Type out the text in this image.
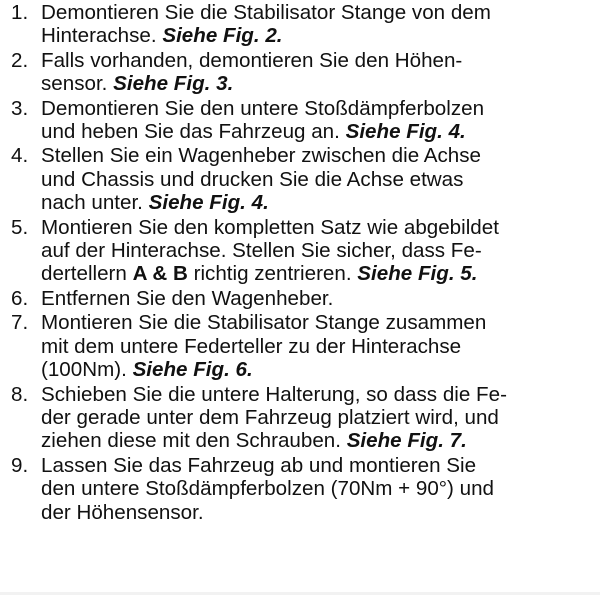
1. Demontieren Sie die Stabilisator Stange von dem
Hinterachse. Siehe Fig. 2.
2. Falls vorhanden, demontieren Sie den Höhen-
sensor. Siehe Fig. 3.
3. Demontieren Sie den untere Stoßdämpferbolzen
und heben Sie das Fahrzeug an. Siehe Fig. 4.
4. Stellen Sie ein Wagenheber zwischen die Achse
und Chassis und drucken Sie die Achse etwas
nach unter. Siehe Fig. 4.
5. Montieren Sie den kompletten Satz wie abgebildet
auf der Hinterachse. Stellen Sie sicher, dass Fe-
dertellern A & B richtig zentrieren. Siehe Fig. 5.
6. Entfernen Sie den Wagenheber.
7. Montieren Sie die Stabilisator Stange zusammen
mit dem untere Federteller zu der Hinterachse
(100Nm). Siehe Fig. 6.
8. Schieben Sie die untere Halterung, so dass die Fe-
der gerade unter dem Fahrzeug platziert wird, und
ziehen diese mit den Schrauben. Siehe Fig. 7.
9. Lassen Sie das Fahrzeug ab und montieren Sie
den untere Stoßdämpferbolzen (70Nm + 90°) und
der Höhensensor.
